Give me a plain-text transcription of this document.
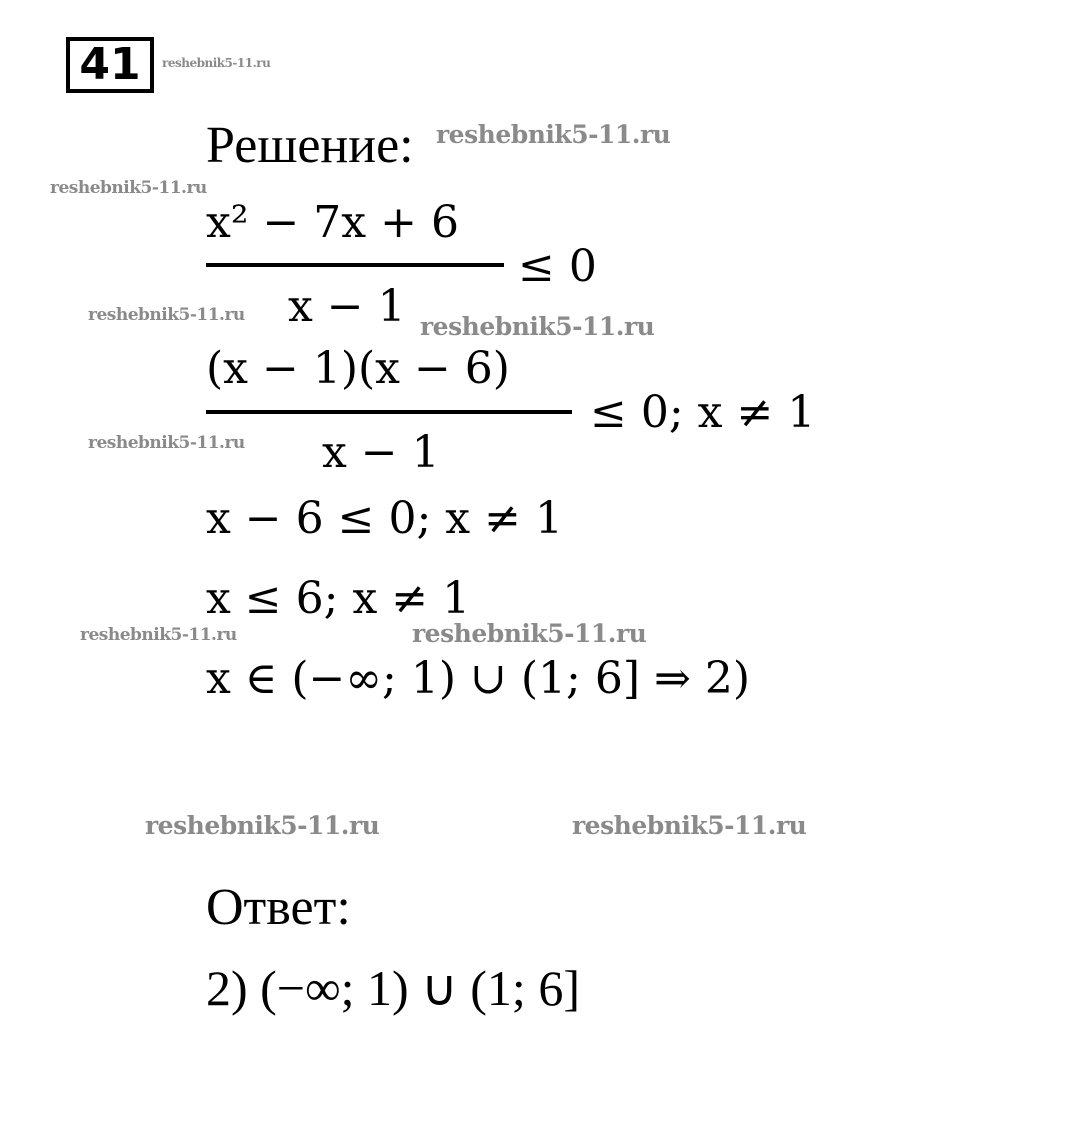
41
Решение:
x² − 7x + 6
x − 1
≤ 0
(x − 1)(x − 6)
x − 1
≤ 0; x ≠ 1
x − 6 ≤ 0; x ≠ 1
x ≤ 6; x ≠ 1
x ∈ (−∞; 1) ∪ (1; 6] ⇒ 2)
Ответ:
2) (−∞; 1) ∪ (1; 6]
reshebnik5-11.ru
reshebnik5-11.ru
reshebnik5-11.ru
reshebnik5-11.ru	reshebnik5-11.ru
reshebnik5-11.ru
reshebnik5-11.ru	reshebnik5-11.ru
reshebnik5-11.ru	reshebnik5-11.ru
